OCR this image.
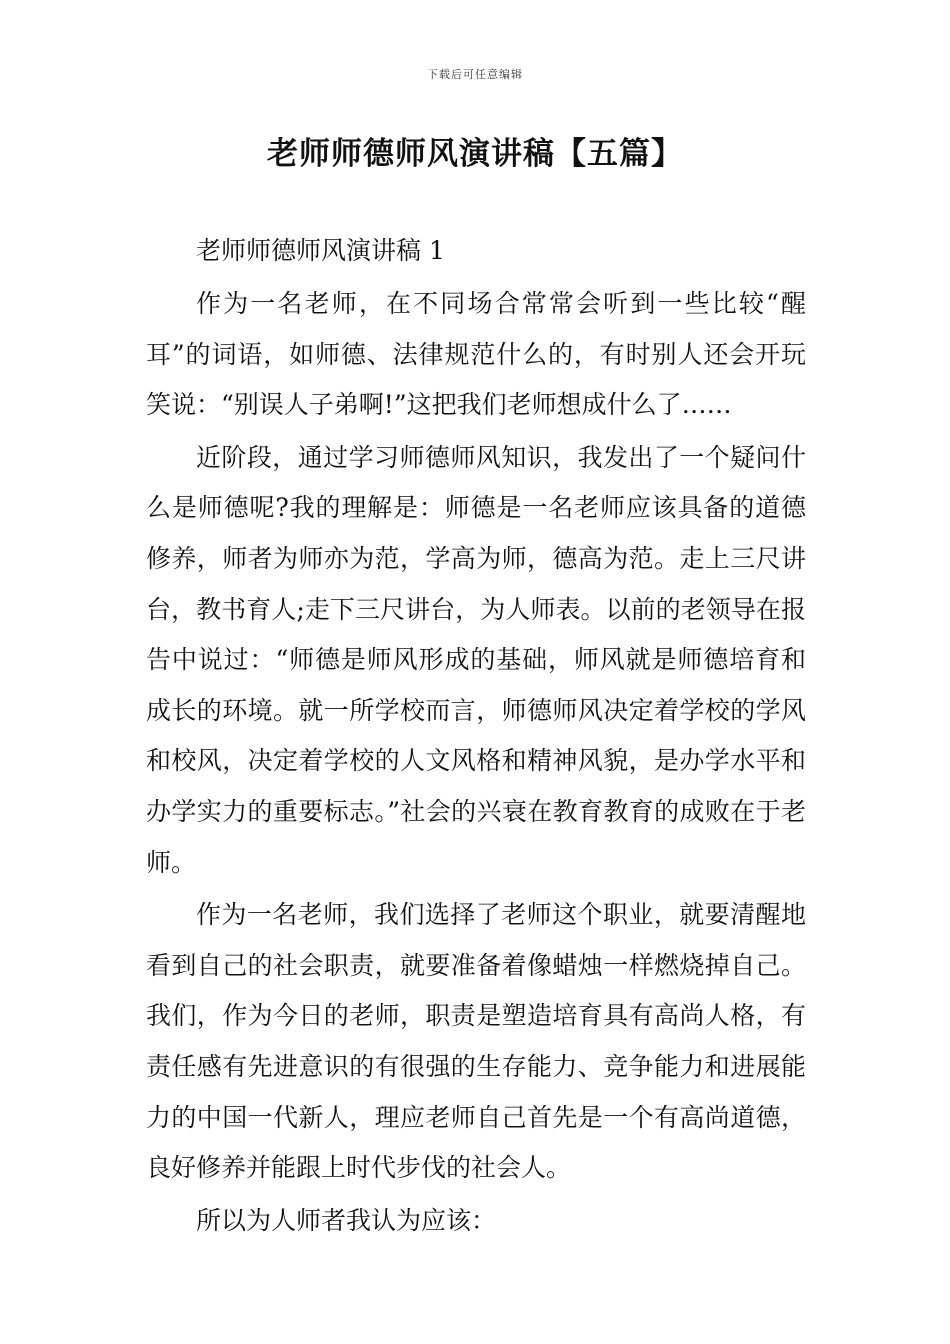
下载后可任意编辑
老师师德师风演讲稿【五篇】

老师师德师风演讲稿 1

作为一名老师，在不同场合常常会听到一些比较“醒耳”的词语，如师德、法律规范什么的，有时别人还会开玩笑说：“别误人子弟啊!”这把我们老师想成什么了……

近阶段，通过学习师德师风知识，我发出了一个疑问什么是师德呢?我的理解是：师德是一名老师应该具备的道德修养，师者为师亦为范，学高为师，德高为范。走上三尺讲台，教书育人;走下三尺讲台，为人师表。以前的老领导在报告中说过：“师德是师风形成的基础，师风就是师德培育和成长的环境。就一所学校而言，师德师风决定着学校的学风和校风，决定着学校的人文风格和精神风貌，是办学水平和办学实力的重要标志。”社会的兴衰在教育教育的成败在于老师。

作为一名老师，我们选择了老师这个职业，就要清醒地看到自己的社会职责，就要准备着像蜡烛一样燃烧掉自己。我们，作为今日的老师，职责是塑造培育具有高尚人格，有责任感有先进意识的有很强的生存能力、竞争能力和进展能力的中国一代新人，理应老师自己首先是一个有高尚道德，良好修养并能跟上时代步伐的社会人。

所以为人师者我认为应该：
